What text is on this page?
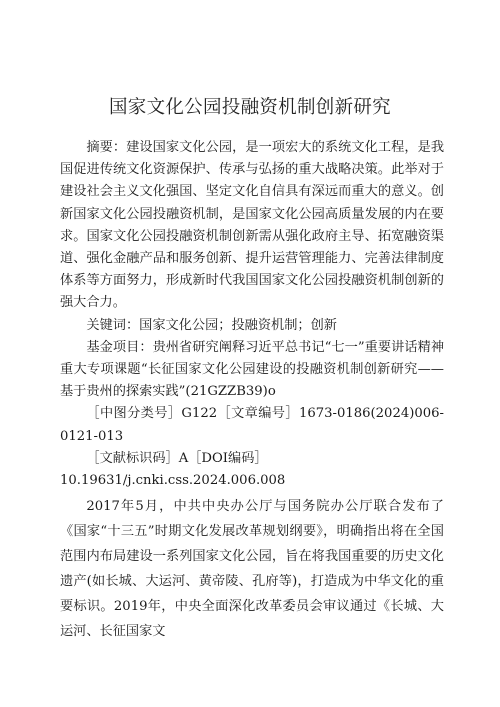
国家文化公园投融资机制创新研究

摘要：建设国家文化公园，是一项宏大的系统文化工程，是我国促进传统文化资源保护、传承与弘扬的重大战略决策。此举对于建设社会主义文化强国、坚定文化自信具有深远而重大的意义。创新国家文化公园投融资机制，是国家文化公园高质量发展的内在要求。国家文化公园投融资机制创新需从强化政府主导、拓宽融资渠道、强化金融产品和服务创新、提升运营管理能力、完善法律制度体系等方面努力，形成新时代我国国家文化公园投融资机制创新的强大合力。

关键词：国家文化公园；投融资机制；创新

基金项目：贵州省研究阐释习近平总书记“七一”重要讲话精神重大专项课题“长征国家文化公园建设的投融资机制创新研究——基于贵州的探索实践”(21GZZB39)o

［中图分类号］G122［文章编号］1673-0186(2024)006-0121-013

［文献标识码］A［DOI编码］

10.19631/j.cnki.css.2024.006.008

2017年5月，中共中央办公厅与国务院办公厅联合发布了《国家“十三五”时期文化发展改革规划纲要》，明确指出将在全国范围内布局建设一系列国家文化公园，旨在将我国重要的历史文化遗产(如长城、大运河、黄帝陵、孔府等)，打造成为中华文化的重要标识。2019年，中央全面深化改革委员会审议通过《长城、大运河、长征国家文
